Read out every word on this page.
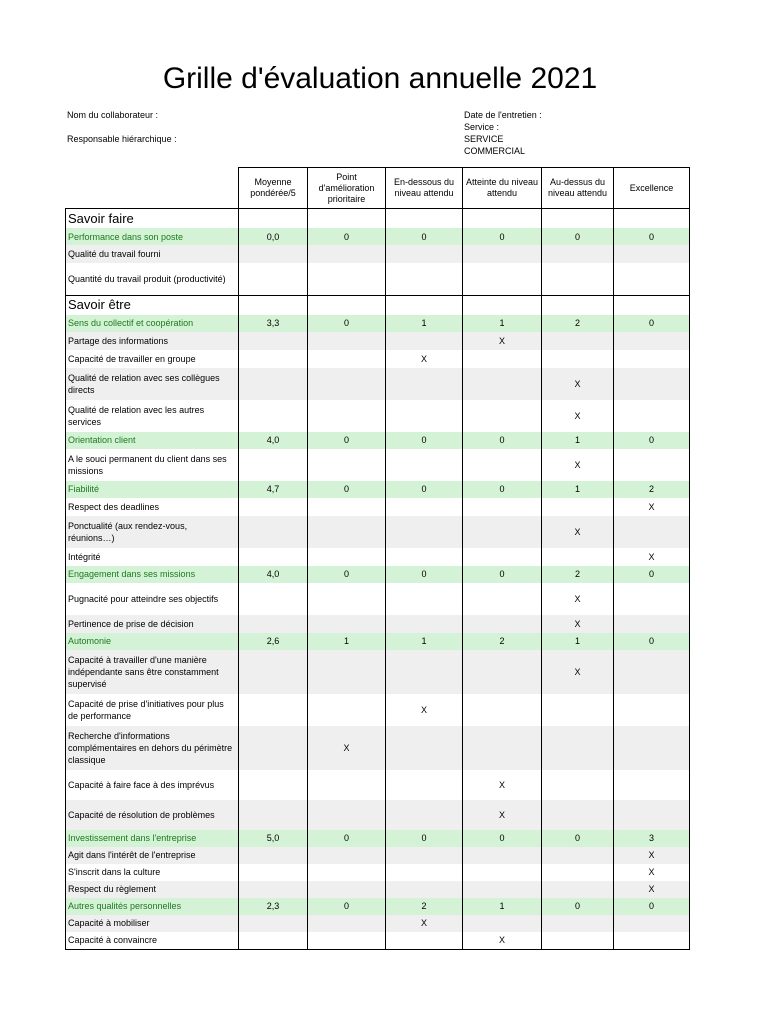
Grille d'évaluation annuelle 2021
Nom du collaborateur :
Responsable hiérarchique :
Date de l'entretien :
Service :
SERVICE COMMERCIAL
	Moyenne pondérée/5	Point d'amélioration prioritaire	En-dessous du niveau attendu	Atteinte du niveau attendu	Au-dessus du niveau attendu	Excellence
Savoir faire						
Performance dans son poste	0,0	0	0	0	0	0
Qualité du travail fourni						
Quantité du travail produit (productivité)						
Savoir être						
Sens du collectif et coopération	3,3	0	1	1	2	0
Partage des informations				X		
Capacité de travailler en groupe			X			
Qualité de relation avec ses collègues directs					X	
Qualité de relation avec les autres services					X	
Orientation client	4,0	0	0	0	1	0
A le souci permanent du client dans ses missions					X	
Fiabilité	4,7	0	0	0	1	2
Respect des deadlines						X
Ponctualité (aux rendez-vous, réunions…)					X	
Intégrité						X
Engagement dans ses missions	4,0	0	0	0	2	0
Pugnacité pour atteindre ses objectifs					X	
Pertinence de prise de décision					X	
Automonie	2,6	1	1	2	1	0
Capacité à travailler d'une manière indépendante sans être constamment supervisé					X	
Capacité de prise d'initiatives pour plus de performance			X			
Recherche d'informations complémentaires en dehors du périmètre classique		X				
Capacité à faire face à des imprévus				X		
Capacité de résolution de problèmes				X		
Investissement dans l'entreprise	5,0	0	0	0	0	3
Agit dans l'intérêt de l'entreprise						X
S'inscrit dans la culture						X
Respect du règlement						X
Autres qualités personnelles	2,3	0	2	1	0	0
Capacité à mobiliser			X			
Capacité à convaincre				X		
